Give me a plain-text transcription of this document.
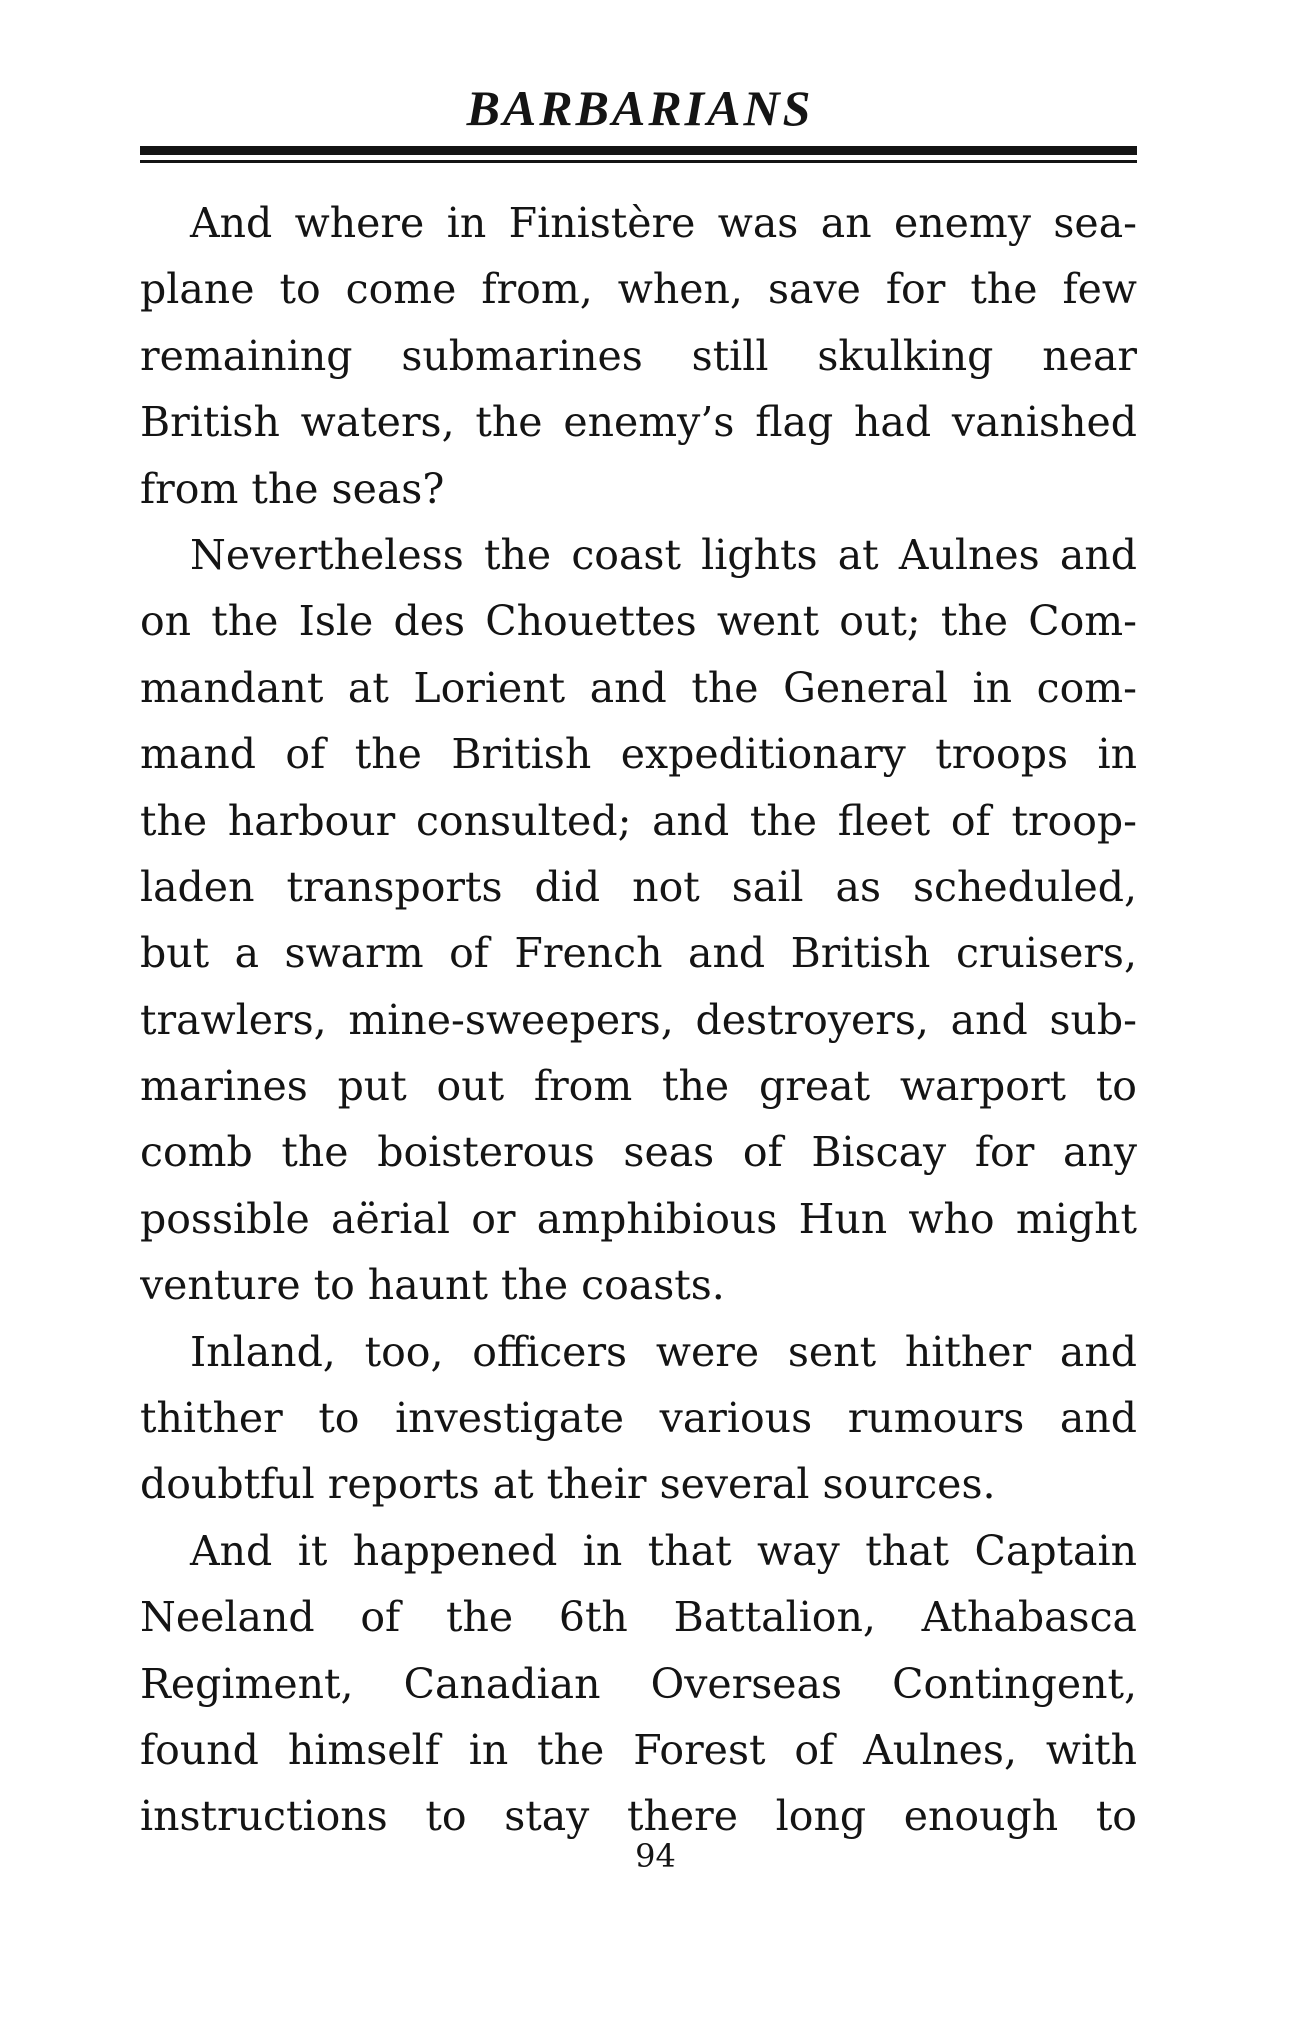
BARBARIANS
And where in Finistère was an enemy sea-
plane to come from, when, save for the few
remaining submarines still skulking near
British waters, the enemy’s flag had vanished
from the seas?
Nevertheless the coast lights at Aulnes and
on the Isle des Chouettes went out; the Com-
mandant at Lorient and the General in com-
mand of the British expeditionary troops in
the harbour consulted; and the fleet of troop-
laden transports did not sail as scheduled,
but a swarm of French and British cruisers,
trawlers, mine-sweepers, destroyers, and sub-
marines put out from the great warport to
comb the boisterous seas of Biscay for any
possible aërial or amphibious Hun who might
venture to haunt the coasts.
Inland, too, officers were sent hither and
thither to investigate various rumours and
doubtful reports at their several sources.
And it happened in that way that Captain
Neeland of the 6th Battalion, Athabasca
Regiment, Canadian Overseas Contingent,
found himself in the Forest of Aulnes, with
instructions to stay there long enough to
94
